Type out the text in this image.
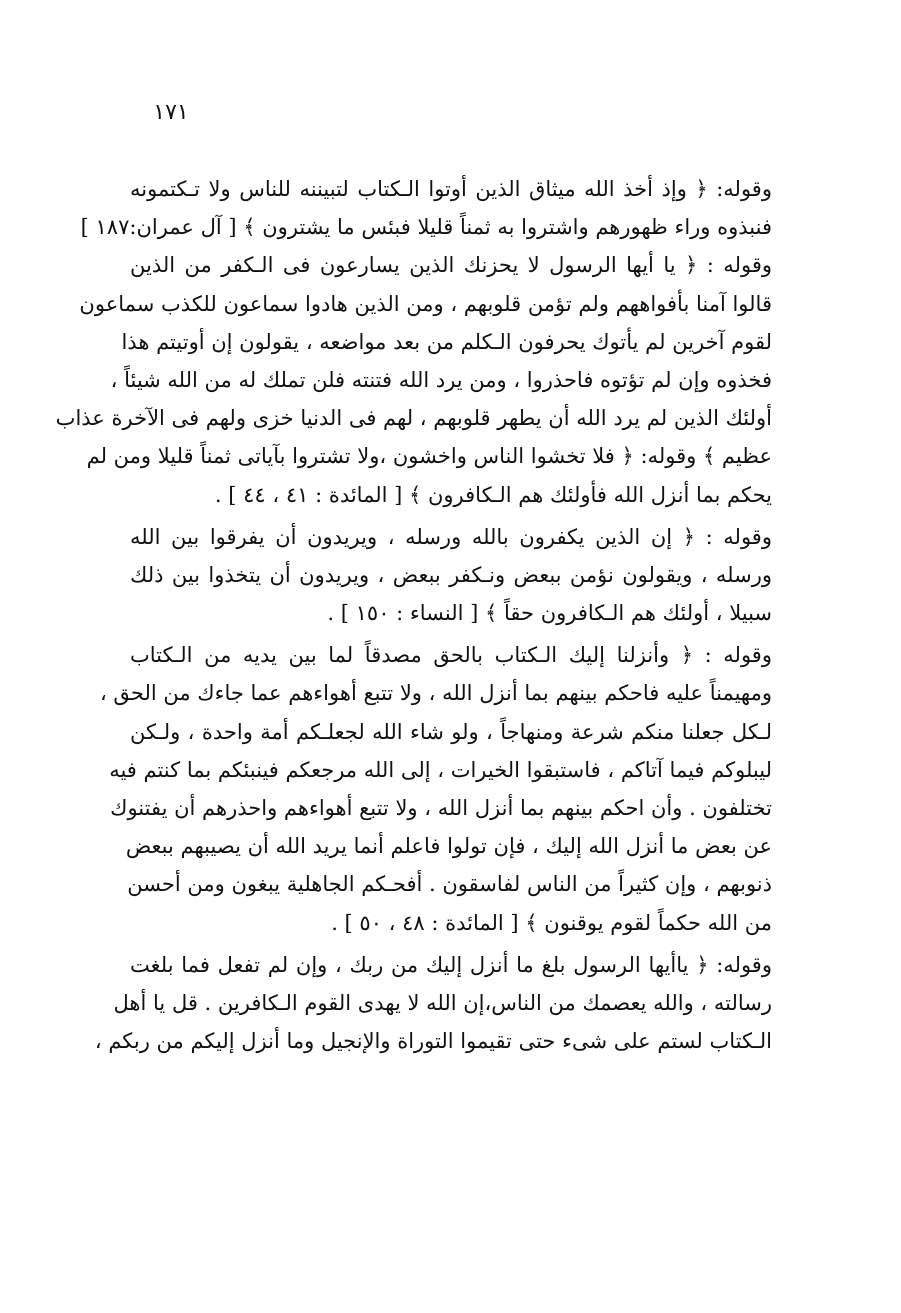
١٧١
وقوله: ﴿ وإذ أخذ الله ميثاق الذين أوتوا الـكتاب لتبيننه للناس ولا تـكتمونه
فنبذوه وراء ظهورهم واشتروا به ثمناً قليلا فبئس ما يشترون ﴾ [ آل عمران:١٨٧ ]
وقوله : ﴿ يا أيها الرسول لا يحزنك الذين يسارعون فى الـكفر من الذين
قالوا آمنا بأفواههم ولم تؤمن قلوبهم ، ومن الذين هادوا سماعون للكذب سماعون
لقوم آخرين لم يأتوك يحرفون الـكلم من بعد مواضعه ، يقولون إن أوتيتم هذا
فخذوه وإن لم تؤتوه فاحذروا ، ومن يرد الله فتنته فلن تملك له من الله شيئاً ،
أولئك الذين لم يرد الله أن يطهر قلوبهم ، لهم فى الدنيا خزى ولهم فى الآخرة عذاب
عظيم ﴾ وقوله: ﴿ فلا تخشوا الناس واخشون ،ولا تشتروا بآياتى ثمناً قليلا ومن لم
يحكم بما أنزل الله فأولئك هم الـكافرون ﴾ [ المائدة : ٤١ ، ٤٤ ] .
وقوله : ﴿ إن الذين يكفرون بالله ورسله ، ويريدون أن يفرقوا بين الله
ورسله ، ويقولون نؤمن ببعض ونـكفر ببعض ، ويريدون أن يتخذوا بين ذلك
سبيلا ، أولئك هم الـكافرون حقاً ﴾ [ النساء : ١٥٠ ] .
وقوله : ﴿ وأنزلنا إليك الـكتاب بالحق مصدقاً لما بين يديه من الـكتاب
ومهيمناً عليه فاحكم بينهم بما أنزل الله ، ولا تتبع أهواءهم عما جاءك من الحق ،
لـكل جعلنا منكم شرعة ومنهاجاً ، ولو شاء الله لجعلـكم أمة واحدة ، ولـكن
ليبلوكم فيما آتاكم ، فاستبقوا الخيرات ، إلى الله مرجعكم فينبئكم بما كنتم فيه
تختلفون . وأن احكم بينهم بما أنزل الله ، ولا تتبع أهواءهم واحذرهم أن يفتنوك
عن بعض ما أنزل الله إليك ، فإن تولوا فاعلم أنما يريد الله أن يصيبهم ببعض
ذنوبهم ، وإن كثيراً من الناس لفاسقون . أفحـكم الجاهلية يبغون ومن أحسن
من الله حكماً لقوم يوقنون ﴾ [ المائدة : ٤٨ ، ٥٠ ] .
وقوله: ﴿ ياأيها الرسول بلغ ما أنزل إليك من ربك ، وإن لم تفعل فما بلغت
رسالته ، والله يعصمك من الناس،إن الله لا يهدى القوم الـكافرين . قل يا أهل
الـكتاب لستم على شىء حتى تقيموا التوراة والإنجيل وما أنزل إليكم من ربكم ،
